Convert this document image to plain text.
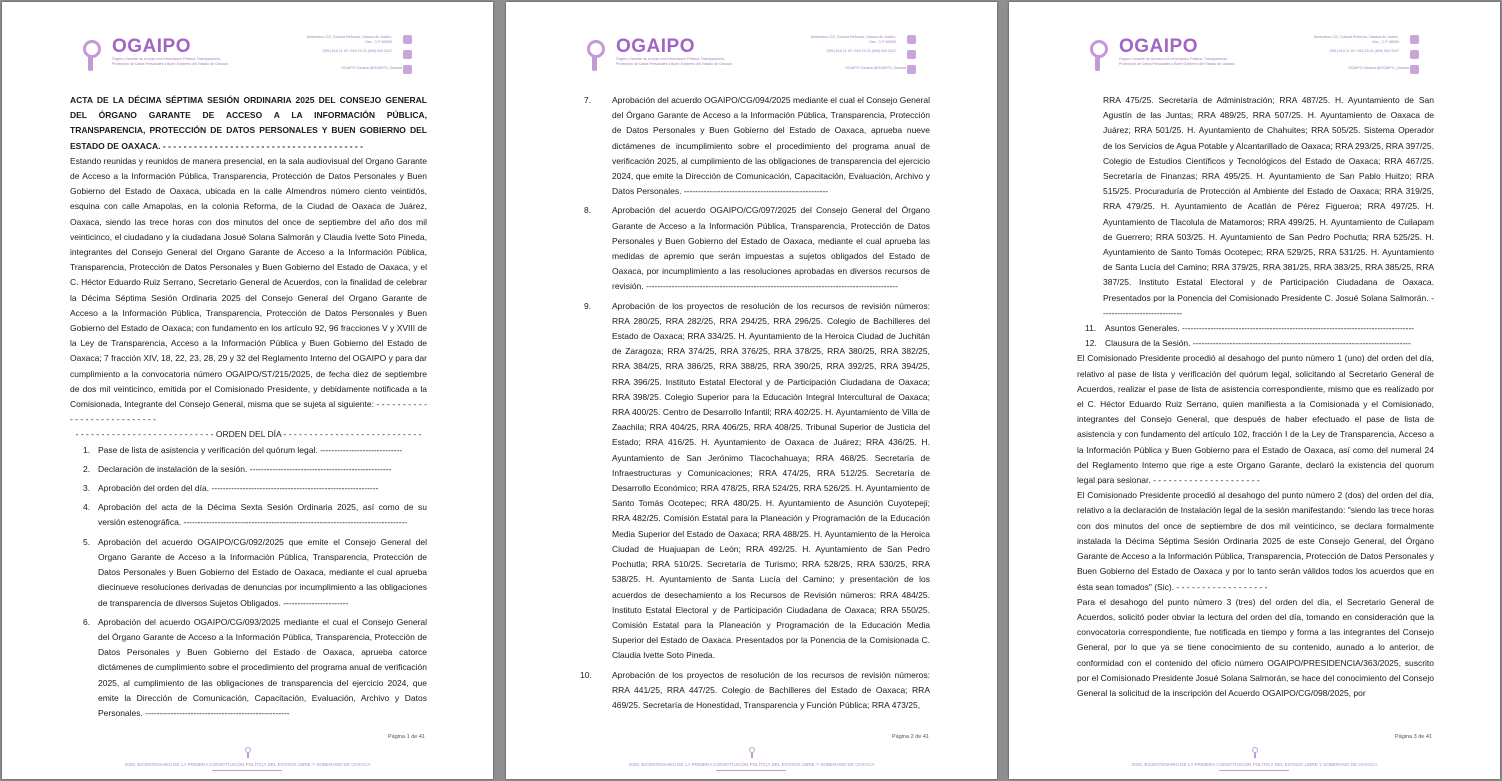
OGAIPO
Órgano Garante de Acceso a la Información Pública, Transparencia, Protección de Datos Personales y Buen Gobierno del Estado de Oaxaca
Almendros 122, Colonia Reforma, Oaxaca de Juárez, Oax., C.P. 68050

(951) 515 11 90 / 515 23 21 (800) 004 3247
OGAIPO Oaxaca @OGAIPO_Oaxaca

ACTA DE LA DÉCIMA SÉPTIMA SESIÓN ORDINARIA 2025 DEL CONSEJO GENERAL DEL ÓRGANO GARANTE DE ACCESO A LA INFORMACIÓN PÚBLICA, TRANSPARENCIA, PROTECCIÓN DE DATOS PERSONALES Y BUEN GOBIERNO DEL ESTADO DE OAXACA. - - - - - - - - - - - - - - - - - - - - - - - - - - - - - - - - - - - - - - -

Estando reunidas y reunidos de manera presencial, en la sala audiovisual del Organo Garante de Acceso a la Información Pública, Transparencia, Protección de Datos Personales y Buen Gobierno del Estado de Oaxaca, ubicada en la calle Almendros número ciento veintidós, esquina con calle Amapolas, en la colonia Reforma, de la Ciudad de Oaxaca de Juárez, Oaxaca, siendo las trece horas con dos minutos del once de septiembre del año dos mil veinticinco, el ciudadano y la ciudadana Josué Solana Salmorán y Claudia Ivette Soto Pineda, integrantes del Consejo General del Organo Garante de Acceso a la Información Pública, Transparencia, Protección de Datos Personales y Buen Gobierno del Estado de Oaxaca, y el C. Héctor Eduardo Ruiz Serrano, Secretario General de Acuerdos, con la finalidad de celebrar la Décima Séptima Sesión Ordinaria 2025 del Consejo General del Organo Garante de Acceso a la Información Pública, Transparencia, Protección de Datos Personales y Buen Gobierno del Estado de Oaxaca; con fundamento en los artículo 92, 96 fracciones V y XVIII de la Ley de Transparencia, Acceso a la Información Pública y Buen Gobierno del Estado de Oaxaca; 7 fracción XIV, 18, 22, 23, 28, 29 y 32 del Reglamento Interno del OGAIPO y para dar cumplimiento a la convocatoria número OGAIPO/ST/215/2025, de fecha diez de septiembre de dos mil veinticinco, emitida por el Comisionado Presidente, y debidamente notificada a la Comisionada, Integrante del Consejo General, misma que se sujeta al siguiente: - - - - - - - - - - - - - - - - - - - - - - - - - - -

- - - - - - - - - - - - - - - - - - - - - - - - - - - ORDEN DEL DÍA - - - - - - - - - - - - - - - - - - - - - - - - - - -

1. Pase de lista de asistencia y verificación del quórum legal. -----------------------------
2. Declaración de instalación de la sesión. --------------------------------------------------
3. Aprobación del orden del día. -----------------------------------------------------------
4. Aprobación del acta de la Décima Sexta Sesión Ordinaria 2025, así como de su versión estenográfica. -------------------------------------------------------------------------------
5. Aprobación del acuerdo OGAIPO/CG/092/2025 que emite el Consejo General del Organo Garante de Acceso a la Información Pública, Transparencia, Protección de Datos Personales y Buen Gobierno del Estado de Oaxaca, mediante el cual aprueba diecinueve resoluciones derivadas de denuncias por incumplimiento a las obligaciones de transparencia de diversos Sujetos Obligados. -----------------------
6. Aprobación del acuerdo OGAIPO/CG/093/2025 mediante el cual el Consejo General del Órgano Garante de Acceso a la Información Pública, Transparencia, Protección de Datos Personales y Buen Gobierno del Estado de Oaxaca, aprueba catorce dictámenes de cumplimiento sobre el procedimiento del programa anual de verificación 2025, al cumplimiento de las obligaciones de transparencia del ejercicio 2024, que emite la Dirección de Comunicación, Capacitación, Evaluación, Archivo y Datos Personales. ---------------------------------------------------
Página 1 de 41
2025, BICENTENARIO DE LA PRIMERA CONSTITUCIÓN POLÍTICA DEL ESTADO LIBRE Y SOBERANO DE OAXACA
OGAIPO
Órgano Garante de Acceso a la Información Pública, Transparencia, Protección de Datos Personales y Buen Gobierno del Estado de Oaxaca
Almendros 122, Colonia Reforma, Oaxaca de Juárez, Oax., C.P. 68050

(951) 515 11 90 / 515 23 21 (800) 004 3247
OGAIPO Oaxaca @OGAIPO_Oaxaca
7. Aprobación del acuerdo OGAIPO/CG/094/2025 mediante el cual el Consejo General del Órgano Garante de Acceso a la Información Pública, Transparencia, Protección de Datos Personales y Buen Gobierno del Estado de Oaxaca, aprueba nueve dictámenes de incumplimiento sobre el procedimiento del programa anual de verificación 2025, al cumplimiento de las obligaciones de transparencia del ejercicio 2024, que emite la Dirección de Comunicación, Capacitación, Evaluación, Archivo y Datos Personales. ---------------------------------------------------
8. Aprobación del acuerdo OGAIPO/CG/097/2025 del Consejo General del Órgano Garante de Acceso a la Información Pública, Transparencia, Protección de Datos Personales y Buen Gobierno del Estado de Oaxaca, mediante el cual aprueba las medidas de apremio que serán impuestas a sujetos obligados del Estado de Oaxaca, por incumplimiento a las resoluciones aprobadas en diversos recursos de revisión. -----------------------------------------------------------------------------------------
9. Aprobación de los proyectos de resolución de los recursos de revisión números: RRA 280/25, RRA 282/25, RRA 294/25, RRA 296/25. Colegio de Bachilleres del Estado de Oaxaca; RRA 334/25. H. Ayuntamiento de la Heroica Ciudad de Juchitán de Zaragoza; RRA 374/25, RRA 376/25, RRA 378/25, RRA 380/25, RRA 382/25, RRA 384/25, RRA 386/25, RRA 388/25, RRA 390/25, RRA 392/25, RRA 394/25, RRA 396/25. Instituto Estatal Electoral y de Participación Ciudadana de Oaxaca; RRA 398/25. Colegio Superior para la Educación Integral Intercultural de Oaxaca; RRA 400/25. Centro de Desarrollo Infantil; RRA 402/25. H. Ayuntamiento de Villa de Zaachila; RRA 404/25, RRA 406/25, RRA 408/25. Tribunal Superior de Justicia del Estado; RRA 416/25. H. Ayuntamiento de Oaxaca de Juárez; RRA 436/25. H. Ayuntamiento de San Jerónimo Tlacochahuaya; RRA 468/25. Secretaría de Infraestructuras y Comunicaciones; RRA 474/25, RRA 512/25. Secretaría de Desarrollo Económico; RRA 478/25, RRA 524/25, RRA 526/25. H. Ayuntamiento de Santo Tomás Ocotepec; RRA 480/25. H. Ayuntamiento de Asunción Cuyotepeji; RRA 482/25. Comisión Estatal para la Planeación y Programación de la Educación Media Superior del Estado de Oaxaca; RRA 488/25. H. Ayuntamiento de la Heroica Ciudad de Huajuapan de León; RRA 492/25. H. Ayuntamiento de San Pedro Pochutla; RRA 510/25. Secretaría de Turismo; RRA 528/25, RRA 530/25, RRA 538/25. H. Ayuntamiento de Santa Lucía del Camino; y presentación de los acuerdos de desechamiento a los Recursos de Revisión números: RRA 484/25. Instituto Estatal Electoral y de Participación Ciudadana de Oaxaca; RRA 550/25. Comisión Estatal para la Planeación y Programación de la Educación Media Superior del Estado de Oaxaca. Presentados por la Ponencia de la Comisionada C. Claudia Ivette Soto Pineda.
10. Aprobación de los proyectos de resolución de los recursos de revisión números: RRA 441/25, RRA 447/25. Colegio de Bachilleres del Estado de Oaxaca; RRA 469/25. Secretaría de Honestidad, Transparencia y Función Pública; RRA 473/25,
Página 2 de 41
2025, BICENTENARIO DE LA PRIMERA CONSTITUCIÓN POLÍTICA DEL ESTADO LIBRE Y SOBERANO DE OAXACA
OGAIPO
Órgano Garante de Acceso a la Información Pública, Transparencia, Protección de Datos Personales y Buen Gobierno del Estado de Oaxaca
Almendros 122, Colonia Reforma, Oaxaca de Juárez, Oax., C.P. 68050

(951) 515 11 90 / 515 23 21 (800) 004 3247
OGAIPO Oaxaca @OGAIPO_Oaxaca

RRA 475/25. Secretaría de Administración; RRA 487/25. H. Ayuntamiento de San Agustín de las Juntas; RRA 489/25, RRA 507/25. H. Ayuntamiento de Oaxaca de Juárez; RRA 501/25. H. Ayuntamiento de Chahuites; RRA 505/25. Sistema Operador de los Servicios de Agua Potable y Alcantarillado de Oaxaca; RRA 293/25, RRA 397/25. Colegio de Estudios Científicos y Tecnológicos del Estado de Oaxaca; RRA 467/25. Secretaría de Finanzas; RRA 495/25. H. Ayuntamiento de San Pablo Huitzo; RRA 515/25. Procuraduría de Protección al Ambiente del Estado de Oaxaca; RRA 319/25, RRA 479/25. H. Ayuntamiento de Acatlán de Pérez Figueroa; RRA 497/25. H. Ayuntamiento de Tlacolula de Matamoros; RRA 499/25. H. Ayuntamiento de Cuilapam de Guerrero; RRA 503/25. H. Ayuntamiento de San Pedro Pochutla; RRA 525/25. H. Ayuntamiento de Santo Tomás Ocotepec; RRA 529/25, RRA 531/25. H. Ayuntamiento de Santa Lucía del Camino; RRA 379/25, RRA 381/25, RRA 383/25, RRA 385/25, RRA 387/25. Instituto Estatal Electoral y de Participación Ciudadana de Oaxaca. Presentados por la Ponencia del Comisionado Presidente C. Josué Solana Salmorán. -----------------------------

11. Asuntos Generales. ----------------------------------------------------------------------------------
12. Clausura de la Sesión. -----------------------------------------------------------------------------

El Comisionado Presidente procedió al desahogo del punto número 1 (uno) del orden del día, relativo al pase de lista y verificación del quórum legal, solicitando al Secretario General de Acuerdos, realizar el pase de lista de asistencia correspondiente, mismo que es realizado por el C. Héctor Eduardo Ruiz Serrano, quien manifiesta a la Comisionada y el Comisionado, integrantes del Consejo General, que después de haber efectuado el pase de lista de asistencia y con fundamento del artículo 102, fracción I de la Ley de Transparencia, Acceso a la Información Pública y Buen Gobierno para el Estado de Oaxaca, así como del numeral 24 del Reglamento Interno que rige a este Organo Garante, declaró la existencia del quorum legal para sesionar. - - - - - - - - - - - - - - - - - - - - -

El Comisionado Presidente procedió al desahogo del punto número 2 (dos) del orden del día, relativo a la declaración de Instalación legal de la sesión manifestando: "siendo las trece horas con dos minutos del once de septiembre de dos mil veinticinco, se declara formalmente instalada la Décima Séptima Sesión Ordinaria 2025 de este Consejo General, del Órgano Garante de Acceso a la Información Pública, Transparencia, Protección de Datos Personales y Buen Gobierno del Estado de Oaxaca y por lo tanto serán válidos todos los acuerdos que en ésta sean tomados" (Sic). - - - - - - - - - - - - - - - - - -

Para el desahogo del punto número 3 (tres) del orden del día, el Secretario General de Acuerdos, solicitó poder obviar la lectura del orden del día, tomando en consideración que la convocatoria correspondiente, fue notificada en tiempo y forma a las integrantes del Consejo General, por lo que ya se tiene conocimiento de su contenido, aunado a lo anterior, de conformidad con el contenido del oficio número OGAIPO/PRESIDENCIA/363/2025, suscrito por el Comisionado Presidente Josué Solana Salmorán, se hace del conocimiento del Consejo General la solicitud de la inscripción del Acuerdo OGAIPO/CG/098/2025, por

Página 3 de 41
2025, BICENTENARIO DE LA PRIMERA CONSTITUCIÓN POLÍTICA DEL ESTADO LIBRE Y SOBERANO DE OAXACA
